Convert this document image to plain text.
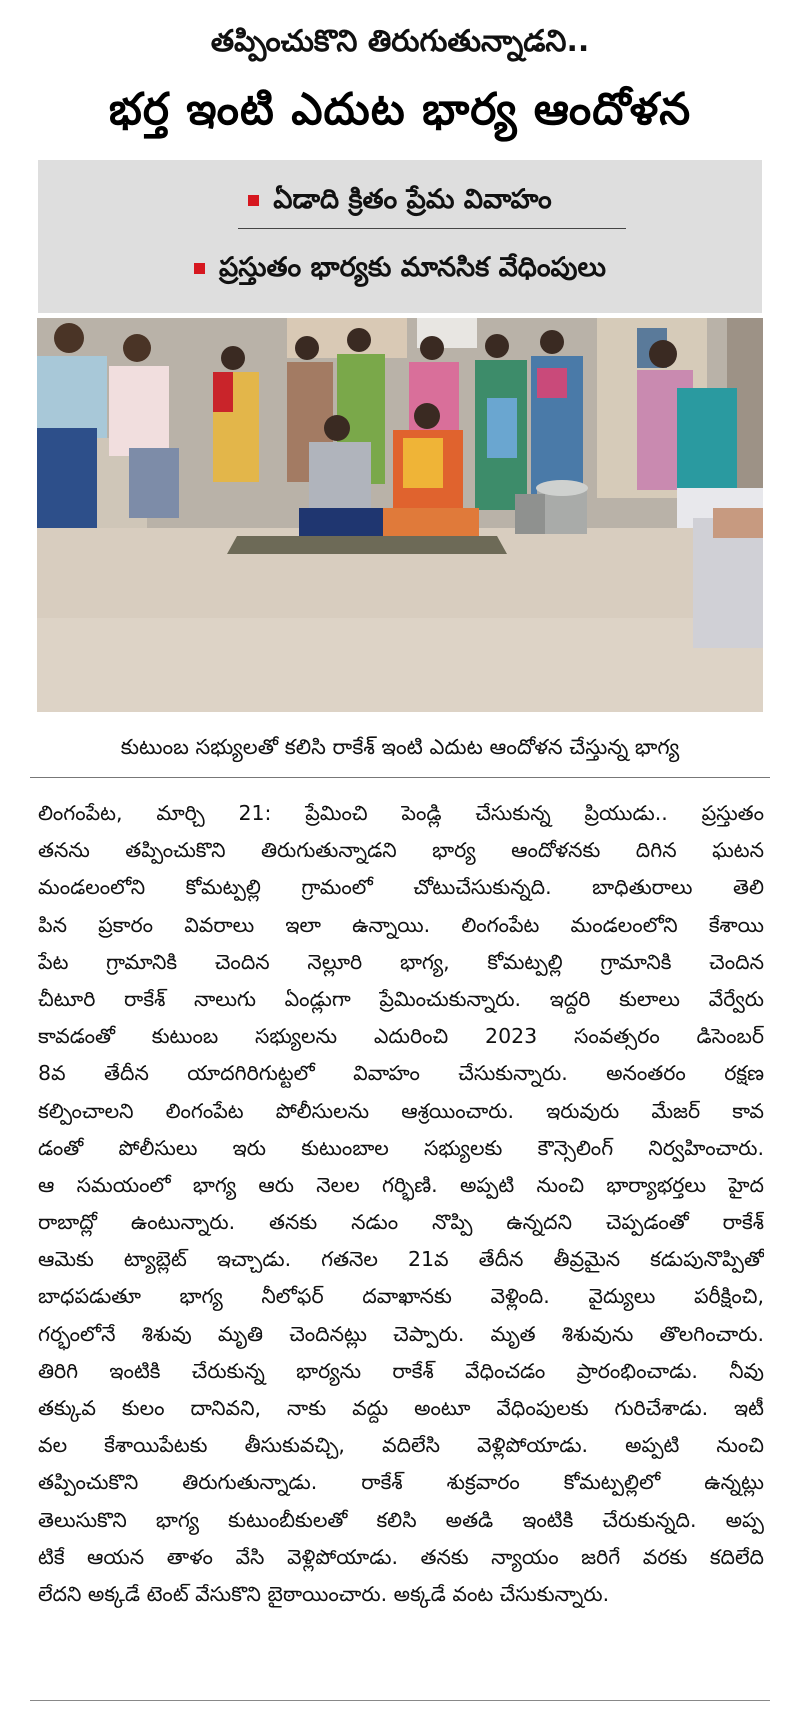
తప్పించుకొని తిరుగుతున్నాడని..
భర్త ఇంటి ఎదుట భార్య ఆందోళన
ఏడాది క్రితం ప్రేమ వివాహం
ప్రస్తుతం భార్యకు మానసిక వేధింపులు
కుటుంబ సభ్యులతో కలిసి రాకేశ్ ఇంటి ఎదుట ఆందోళన చేస్తున్న భాగ్య
లింగంపేట, మార్చి 21: ప్రేమించి పెండ్లి చేసుకున్న ప్రియుడు.. ప్రస్తుతం
తనను తప్పించుకొని తిరుగుతున్నాడని భార్య ఆందోళనకు దిగిన ఘటన
మండలంలోని కోమట్పల్లి గ్రామంలో చోటుచేసుకున్నది. బాధితురాలు తెలి
పిన ప్రకారం వివరాలు ఇలా ఉన్నాయి. లింగంపేట మండలంలోని కేశాయి
పేట గ్రామానికి చెందిన నెల్లూరి భాగ్య, కోమట్పల్లి గ్రామానికి చెందిన
చీటూరి రాకేశ్ నాలుగు ఏండ్లుగా ప్రేమించుకున్నారు. ఇద్దరి కులాలు వేర్వేరు
కావడంతో కుటుంబ సభ్యులను ఎదురించి 2023 సంవత్సరం డిసెంబర్
8వ తేదీన యాదగిరిగుట్టలో వివాహం చేసుకున్నారు. అనంతరం రక్షణ
కల్పించాలని లింగంపేట పోలీసులను ఆశ్రయించారు. ఇరువురు మేజర్ కావ
డంతో పోలీసులు ఇరు కుటుంబాల సభ్యులకు కౌన్సెలింగ్ నిర్వహించారు.
ఆ సమయంలో భాగ్య ఆరు నెలల గర్భిణి. అప్పటి నుంచి భార్యాభర్తలు హైద
రాబాద్లో ఉంటున్నారు. తనకు నడుం నొప్పి ఉన్నదని చెప్పడంతో రాకేశ్
ఆమెకు ట్యాబ్లెట్ ఇచ్చాడు. గతనెల 21వ తేదీన తీవ్రమైన కడుపునొప్పితో
బాధపడుతూ భాగ్య నీలోఫర్ దవాఖానకు వెళ్లింది. వైద్యులు పరీక్షించి,
గర్భంలోనే శిశువు మృతి చెందినట్లు చెప్పారు. మృత శిశువును తొలగించారు.
తిరిగి ఇంటికి చేరుకున్న భార్యను రాకేశ్ వేధించడం ప్రారంభించాడు. నీవు
తక్కువ కులం దానివని, నాకు వద్దు అంటూ వేధింపులకు గురిచేశాడు. ఇటీ
వల కేశాయిపేటకు తీసుకువచ్చి, వదిలేసి వెళ్లిపోయాడు. అప్పటి నుంచి
తప్పించుకొని తిరుగుతున్నాడు. రాకేశ్ శుక్రవారం కోమట్పల్లిలో ఉన్నట్లు
తెలుసుకొని భాగ్య కుటుంబీకులతో కలిసి అతడి ఇంటికి చేరుకున్నది. అప్ప
టికే ఆయన తాళం వేసి వెళ్లిపోయాడు. తనకు న్యాయం జరిగే వరకు కదిలేది
లేదని అక్కడే టెంట్ వేసుకొని బైఠాయించారు. అక్కడే వంట చేసుకున్నారు.
